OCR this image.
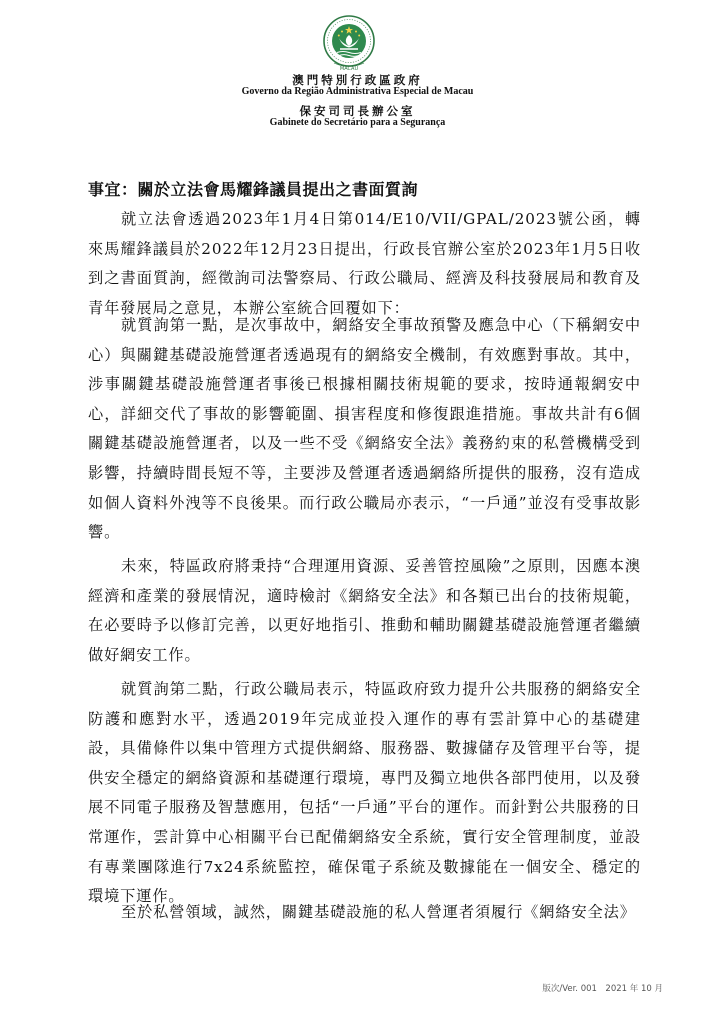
MACAU
澳門特別行政區政府
Governo da Região Administrativa Especial de Macau
保安司司長辦公室
Gabinete do Secretário para a Segurança
事宜：關於立法會馬耀鋒議員提出之書面質詢

就立法會透過2023年1月4日第014/E10/VII/GPAL/2023號公函，轉來馬耀鋒議員於2022年12月23日提出，行政長官辦公室於2023年1月5日收到之書面質詢，經徵詢司法警察局、行政公職局、經濟及科技發展局和教育及青年發展局之意見，本辦公室統合回覆如下：

就質詢第一點，是次事故中，網絡安全事故預警及應急中心（下稱網安中心）與關鍵基礎設施營運者透過現有的網絡安全機制，有效應對事故。其中，涉事關鍵基礎設施營運者事後已根據相關技術規範的要求，按時通報網安中心，詳細交代了事故的影響範圍、損害程度和修復跟進措施。事故共計有6個關鍵基礎設施營運者，以及一些不受《網絡安全法》義務約束的私營機構受到影響，持續時間長短不等，主要涉及營運者透過網絡所提供的服務，沒有造成如個人資料外洩等不良後果。而行政公職局亦表示，“一戶通”並沒有受事故影響。

未來，特區政府將秉持“合理運用資源、妥善管控風險”之原則，因應本澳經濟和產業的發展情況，適時檢討《網絡安全法》和各類已出台的技術規範，在必要時予以修訂完善，以更好地指引、推動和輔助關鍵基礎設施營運者繼續做好網安工作。

就質詢第二點，行政公職局表示，特區政府致力提升公共服務的網絡安全防護和應對水平，透過2019年完成並投入運作的專有雲計算中心的基礎建設，具備條件以集中管理方式提供網絡、服務器、數據儲存及管理平台等，提供安全穩定的網絡資源和基礎運行環境，專門及獨立地供各部門使用，以及發展不同電子服務及智慧應用，包括“一戶通”平台的運作。而針對公共服務的日常運作，雲計算中心相關平台已配備網絡安全系統，實行安全管理制度，並設有專業團隊進行7x24系統監控，確保電子系統及數據能在一個安全、穩定的環境下運作。

至於私營領域，誠然，關鍵基礎設施的私人營運者須履行《網絡安全法》

版次/Ver. 001　2021 年 10 月
